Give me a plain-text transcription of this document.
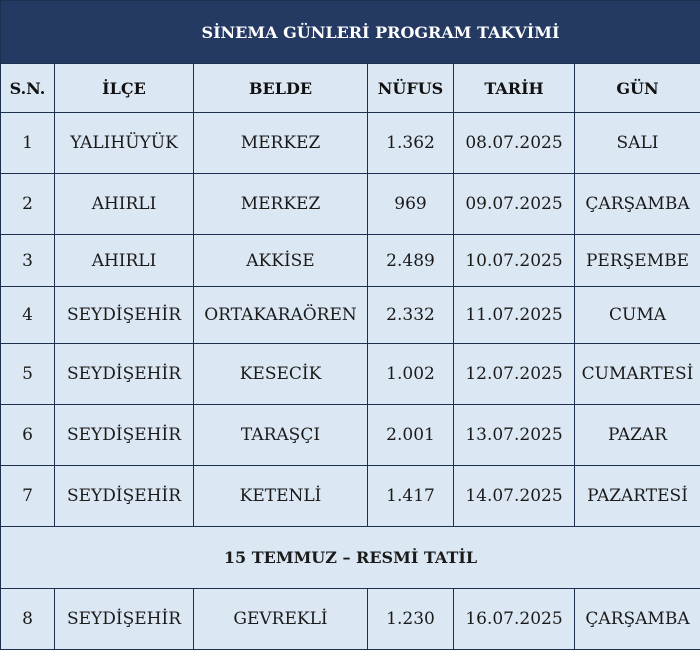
SİNEMA GÜNLERİ PROGRAM TAKVİMİ					
S.N.	İLÇE	BELDE	NÜFUS	TARİH	GÜN
1	YALIHÜYÜK	MERKEZ	1.362	08.07.2025	SALI
2	AHIRLI	MERKEZ	969	09.07.2025	ÇARŞAMBA
3	AHIRLI	AKKİSE	2.489	10.07.2025	PERŞEMBE
4	SEYDİŞEHİR	ORTAKARAÖREN	2.332	11.07.2025	CUMA
5	SEYDİŞEHİR	KESECİK	1.002	12.07.2025	CUMARTESİ
6	SEYDİŞEHİR	TARAŞÇI	2.001	13.07.2025	PAZAR
7	SEYDİŞEHİR	KETENLİ	1.417	14.07.2025	PAZARTESİ
15 TEMMUZ – RESMİ TATİL					
8	SEYDİŞEHİR	GEVREKLİ	1.230	16.07.2025	ÇARŞAMBA
